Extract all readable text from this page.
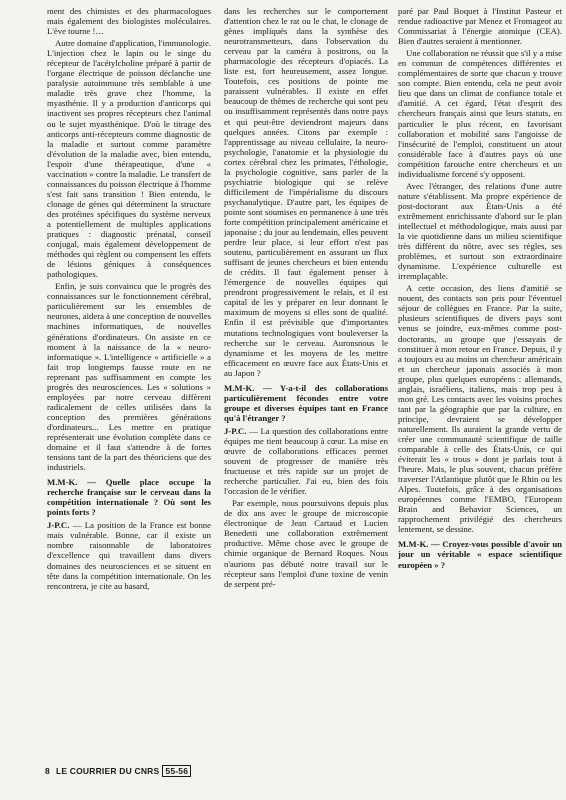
ment des chimistes et des pharmacologues mais également des biologistes moléculaires. L'ève tourne !…

Autre domaine d'application, l'immunologie. L'injection chez le lapin ou le singe du récepteur de l'acétylcholine préparé à partir de l'organe électrique de poisson déclanche une paralysie autoimmune très semblable à une maladie très grave chez l'homme, la myasthénie. Il y a production d'anticorps qui inactivent ses propres récepteurs chez l'animal ou le sujet myasthénique. D'où le titrage des anticorps anti-récepteurs comme diagnostic de la maladie et surtout comme paramètre d'évolution de la maladie avec, bien entendu, l'espoir d'une thérapeutique, d'une « vaccination » contre la maladie. Le transfert de connaissances du poisson électrique à l'homme s'est fait sans transition ! Bien entendu, le clonage de gènes qui déterminent la structure des protéines spécifiques du système nerveux a potentiellement de multiples applications pratiques : diagnostic prénatal, conseil conjugal, mais également développement de méthodes qui règlent ou compensent les effets de lésions géniques à conséquences pathologiques.

Enfin, je suis convaincu que le progrès des connaissances sur le fonctionnement cérébral, particulièrement sur les ensembles de neurones, aidera à une conception de nouvelles machines informatiques, de nouvelles générations d'ordinateurs. On assiste en ce moment à la naissance de la « neuro-informatique ». L'intelligence « artificielle » a fait trop longtemps fausse route en ne reprenant pas suffisamment en compte les progrès des neurosciences. Les « solutions » employées par notre cerveau diffèrent radicalement de celles utilisées dans la conception des premières générations d'ordinateurs... Les mettre en pratique représenterait une évolution complète dans ce domaine et il faut s'attendre à de fortes tensions tant de la part des théoriciens que des industriels.

M.M-K. — Quelle place occupe la recherche française sur le cerveau dans la compétition internationale ? Où sont les points forts ?

J-P.C. — La position de la France est bonne mais vulnérable. Bonne, car il existe un nombre raisonnable de laboratoires d'excellence qui travaillent dans divers domaines des neurosciences et se situent en tête dans la compétition internationale. On les rencontrera, je cite au hasard,

dans les recherches sur le comportement d'attention chez le rat ou le chat, le clonage de gènes impliqués dans la synthèse des neurotransmetteurs, dans l'observation du cerveau par la caméra à positrons, ou la pharmacologie des récepteurs d'opiacés. La liste est, fort heureusement, assez longue. Toutefois, ces positions de pointe me paraissent vulnérables. Il existe en effet beaucoup de thèmes de recherche qui sont peu ou insuffisamment représentés dans notre pays et qui peut-être deviendront majeurs dans quelques années. Citons par exemple : l'apprentissage au niveau cellulaire, la neuro-psychologie, l'anatomie et la physiologie du cortex cérébral chez les primates, l'éthologie, la psychologie cognitive, sans parler de la psychiatrie biologique qui se relève difficilement de l'impérialisme du discours psychanalytique. D'autre part, les équipes de pointe sont soumises en permanence à une très forte compétition principalement américaine et japonaise ; du jour au lendemain, elles peuvent perdre leur place, si leur effort n'est pas soutenu, particulièrement en assurant un flux suffisant de jeunes chercheurs et bien entendu de crédits. Il faut également penser à l'émergence de nouvelles équipes qui prendront progressivement le relais, et il est capital de les y préparer en leur donnant le maximum de moyens si elles sont de qualité. Enfin il est prévisible que d'importantes mutations technologiques vont bouleverser la recherche sur le cerveau. Auronsnous le dynamisme et les moyens de les mettre efficacement en œuvre face aux États-Unis et au Japon ?

M.M-K. — Y-a-t-il des collaborations particulièrement fécondes entre votre groupe et diverses équipes tant en France qu'à l'étranger ?

J-P.C. — La question des collaborations entre équipes me tient beaucoup à cœur. La mise en œuvre de collaborations efficaces permet souvent de progresser de manière très fructueuse et très rapide sur un projet de recherche particulier. J'ai eu, bien des fois l'occasion de le vérifier.

Par exemple, nous poursuivons depuis plus de dix ans avec le groupe de microscopie électronique de Jean Cartaud et Lucien Benedetti une collaboration extrêmement productive. Même chose avec le groupe de chimie organique de Bernard Roques. Nous n'aurions pas débuté notre travail sur le récepteur sans l'emploi d'une toxine de venin de serpent pré-

paré par Paul Boquet à l'Institut Pasteur et rendue radioactive par Menez et Fromageot au Commissariat à l'énergie atomique (CEA). Bien d'autres seraient à mentionner.

Une collaboration ne réussit que s'il y a mise en commun de compétences différentes et complémentaires de sorte que chacun y trouve son compte. Bien entendu, cela ne peut avoir lieu que dans un climat de confiance totale et d'amitié. A cet égard, l'état d'esprit des chercheurs français ainsi que leurs statuts, en particulier le plus récent, en favorisant collaboration et mobilité sans l'angoisse de l'insécurité de l'emploi, constituent un atout considérable face à d'autres pays où une compétition farouche entre chercheurs et un individualisme forcené s'y opposent.

Avec l'étranger, des relations d'une autre nature s'établissent. Ma propre expérience de post-doctorant aux États-Unis a été extrêmement enrichissante d'abord sur le plan intellectuel et méthodologique, mais aussi par la vie quotidienne dans un milieu scientifique très différent du nôtre, avec ses règles, ses problèmes, et surtout son extraordinaire dynamisme. L'expérience culturelle est irremplaçable.

A cette occasion, des liens d'amitié se nouent, des contacts son pris pour l'éventuel séjour de collègues en France. Par la suite, plusieurs scientifiques de divers pays sont venus se joindre, eux-mêmes comme post-doctorants, au groupe que j'essayais de constituer à mon retour en France. Depuis, il y a toujours eu au moins un chercheur américain et un chercheur japonais associés à mon groupe, plus quelques européens : allemands, anglais, israéliens, italiens, mais trop peu à mon gré. Les contacts avec les voisins proches tant par la géographie que par la culture, en principe, devraient se développer naturellement. Ils auraient la grande vertu de créer une communauté scientifique de taille comparable à celle des États-Unis, ce qui éviterait les « trous » dont je parlais tout à l'heure. Mais, le plus souvent, chacun préfère traverser l'Atlantique plutôt que le Rhin ou les Alpes. Toutefois, grâce à des organisations européennes comme l'EMBO, l'European Brain and Behavior Sciences, un rapprochement privilégié des chercheurs lentement, se dessine.

M.M-K. — Croyez-vous possible d'avoir un jour un véritable « espace scientifique européen » ?

8 LE COURRIER DU CNRS 55-56
